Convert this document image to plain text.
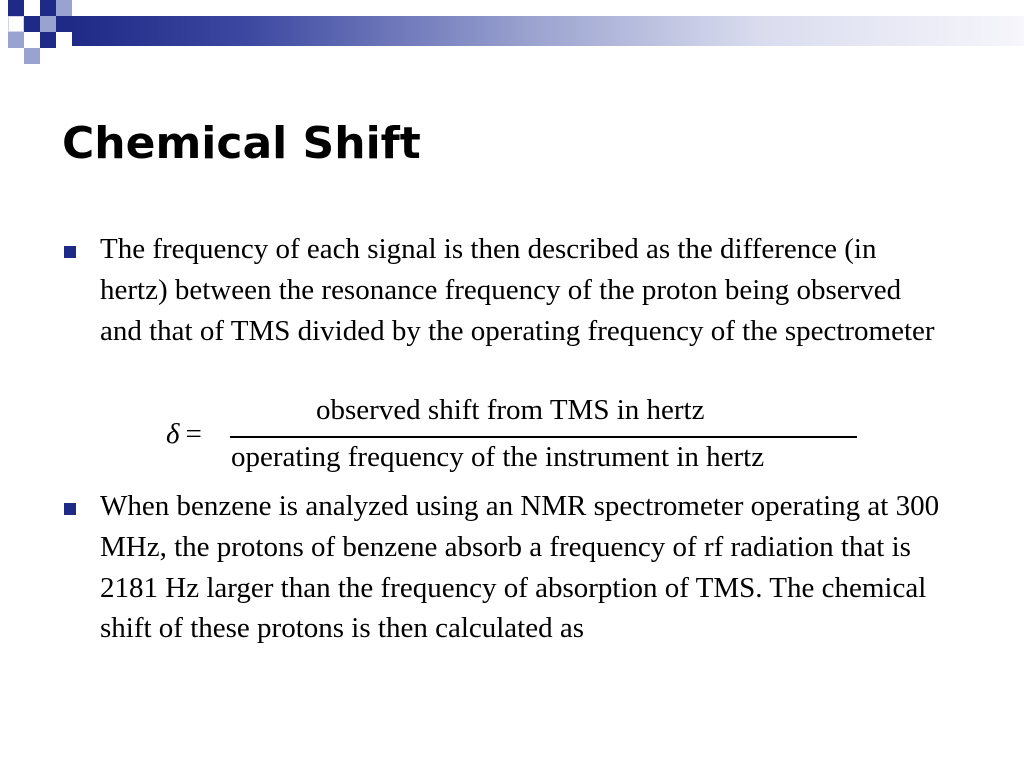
Chemical Shift

The frequency of each signal is then described as the difference (in hertz) between the resonance frequency of the proton being observed and that of TMS divided by the operating frequency of the spectrometer

δ =
observed shift from TMS in hertz
operating frequency of the instrument in hertz

When benzene is analyzed using an NMR spectrometer operating at 300 MHz, the protons of benzene absorb a frequency of rf radiation that is 2181 Hz larger than the frequency of absorption of TMS. The chemical shift of these protons is then calculated as
